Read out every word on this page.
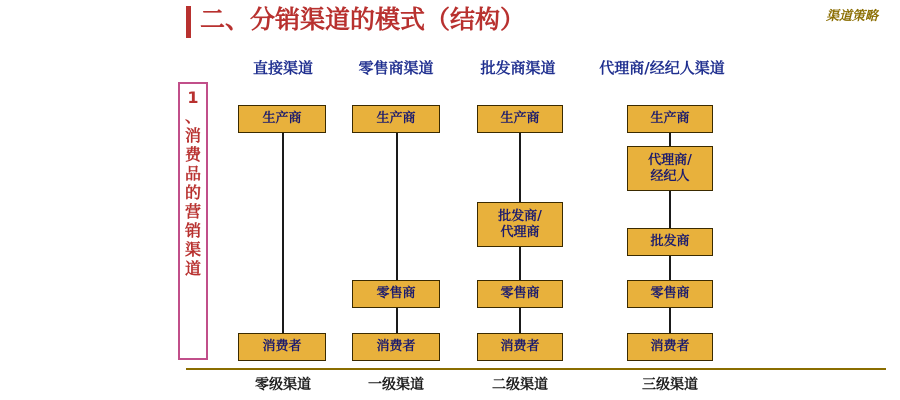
二、分销渠道的模式（结构）	渠道策略
1
、
消
费
品
的
营
销
渠
道
直接渠道	零售商渠道	批发商渠道	代理商/经纪人渠道
生产商
消费者
生产商
零售商
消费者
生产商
批发商/
代理商
零售商
消费者
生产商
代理商/
经纪人
批发商
零售商
消费者
零级渠道	一级渠道	二级渠道	三级渠道
